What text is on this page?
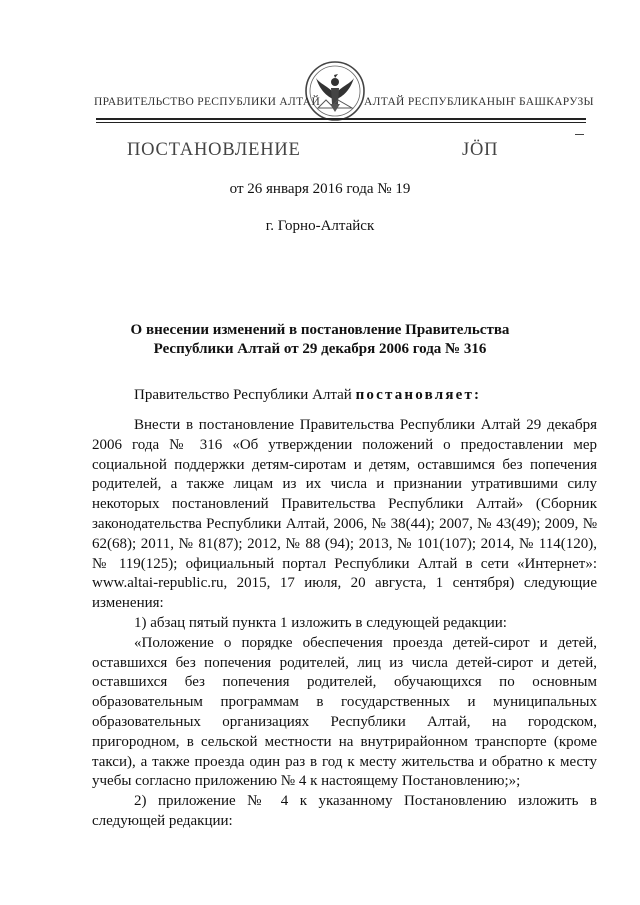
ПРАВИТЕЛЬСТВО РЕСПУБЛИКИ АЛТАЙ	АЛТАЙ РЕСПУБЛИКАНЫҤ БАШКАРУЗЫ
ПОСТАНОВЛЕНИЕ	ЈӦП
от 26 января 2016 года № 19
г. Горно-Алтайск
О внесении изменений в постановление Правительства Республики Алтай от 29 декабря 2006 года № 316
Правительство Республики Алтай постановляет:

Внести в постановление Правительства Республики Алтай 29 декабря 2006 года № 316 «Об утверждении положений о предоставлении мер социальной поддержки детям-сиротам и детям, оставшимся без попечения родителей, а также лицам из их числа и признании утратившими силу некоторых постановлений Правительства Республики Алтай» (Сборник законодательства Республики Алтай, 2006, № 38(44); 2007, № 43(49); 2009, № 62(68); 2011, № 81(87); 2012, № 88 (94); 2013, № 101(107); 2014, № 114(120), № 119(125); официальный портал Республики Алтай в сети «Интернет»: www.altai-republic.ru, 2015, 17 июля, 20 августа, 1 сентября) следующие изменения:

1) абзац пятый пункта 1 изложить в следующей редакции:

«Положение о порядке обеспечения проезда детей-сирот и детей, оставшихся без попечения родителей, лиц из числа детей-сирот и детей, оставшихся без попечения родителей, обучающихся по основным образовательным программам в государственных и муниципальных образовательных организациях Республики Алтай, на городском, пригородном, в сельской местности на внутрирайонном транспорте (кроме такси), а также проезда один раз в год к месту жительства и обратно к месту учебы согласно приложению № 4 к настоящему Постановлению;»;

2) приложение № 4 к указанному Постановлению изложить в следующей редакции:
